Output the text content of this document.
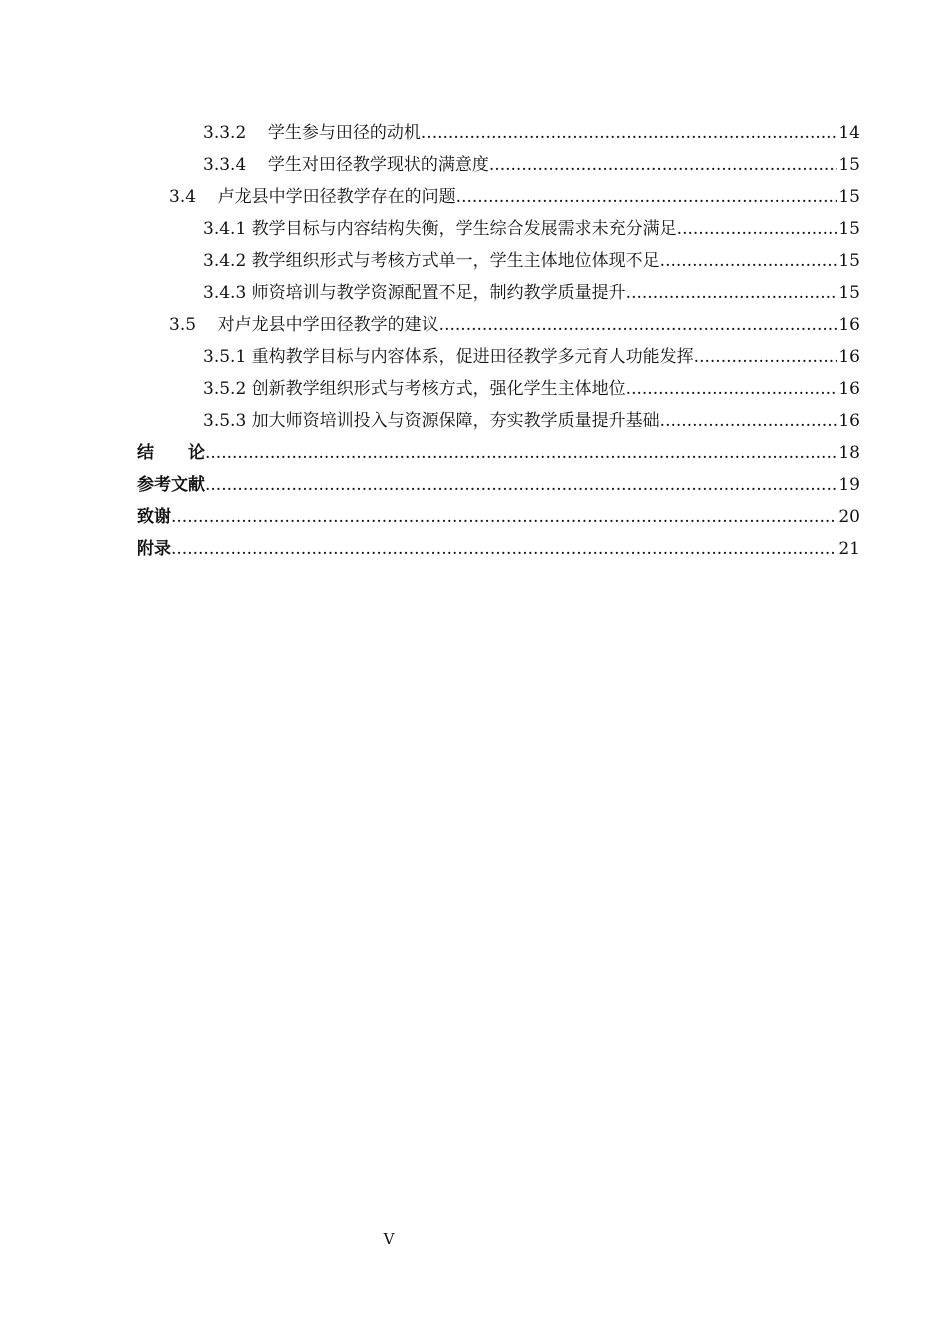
3.3.2 学生参与田径的动机 .....	14
3.3.4 学生对田径教学现状的满意度 .....	15
3.4 卢龙县中学田径教学存在的问题 .....	15
3.4.1 教学目标与内容结构失衡，学生综合发展需求未充分满足 .....	15
3.4.2 教学组织形式与考核方式单一，学生主体地位体现不足 .....	15
3.4.3 师资培训与教学资源配置不足，制约教学质量提升 .....	15
3.5 对卢龙县中学田径教学的建议 .....	16
3.5.1 重构教学目标与内容体系，促进田径教学多元育人功能发挥 .....	16
3.5.2 创新教学组织形式与考核方式，强化学生主体地位 .....	16
3.5.3 加大师资培训投入与资源保障，夯实教学质量提升基础 .....	16
结　　论 .....	18
参考文献 .....	19
致谢 .....	20
附录 .....	21
V
